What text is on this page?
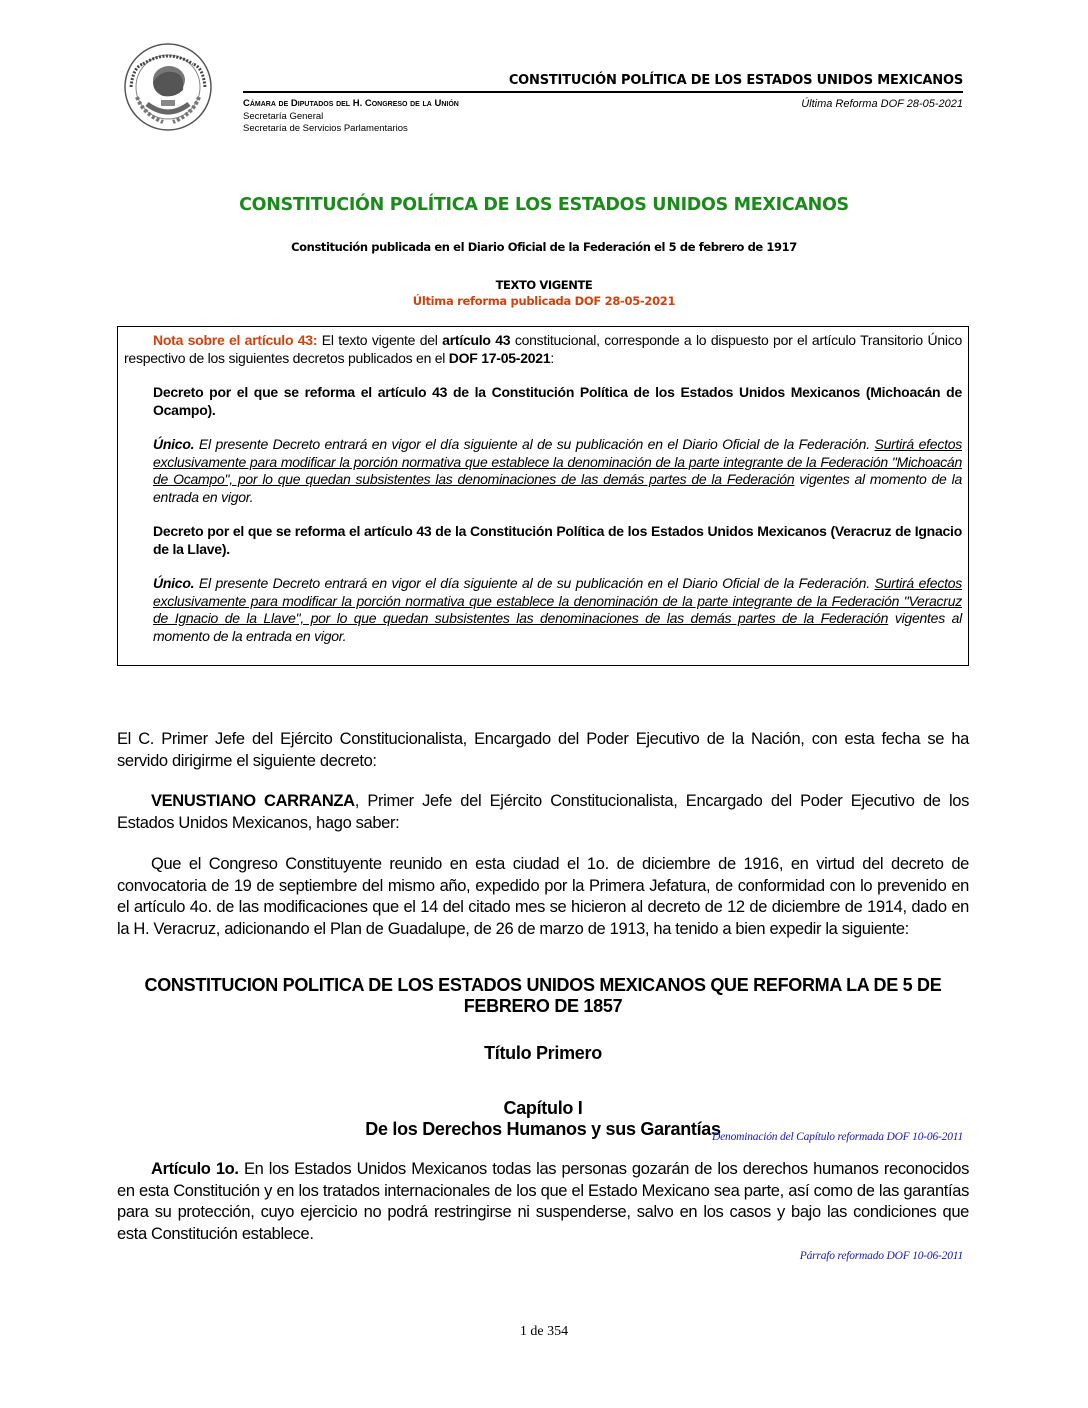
CONSTITUCIÓN POLÍTICA DE LOS ESTADOS UNIDOS MEXICANOS
Cámara de Diputados del H. Congreso de la Unión
Secretaría General
Secretaría de Servicios Parlamentarios
Última Reforma DOF 28-05-2021
CONSTITUCIÓN POLÍTICA DE LOS ESTADOS UNIDOS MEXICANOS
Constitución publicada en el Diario Oficial de la Federación el 5 de febrero de 1917
TEXTO VIGENTE
Última reforma publicada DOF 28-05-2021

Nota sobre el artículo 43: El texto vigente del artículo 43 constitucional, corresponde a lo dispuesto por el artículo Transitorio Único respectivo de los siguientes decretos publicados en el DOF 17-05-2021:

Decreto por el que se reforma el artículo 43 de la Constitución Política de los Estados Unidos Mexicanos (Michoacán de Ocampo).

Único. El presente Decreto entrará en vigor el día siguiente al de su publicación en el Diario Oficial de la Federación. Surtirá efectos exclusivamente para modificar la porción normativa que establece la denominación de la parte integrante de la Federación "Michoacán de Ocampo", por lo que quedan subsistentes las denominaciones de las demás partes de la Federación vigentes al momento de la entrada en vigor.

Decreto por el que se reforma el artículo 43 de la Constitución Política de los Estados Unidos Mexicanos (Veracruz de Ignacio de la Llave).

Único. El presente Decreto entrará en vigor el día siguiente al de su publicación en el Diario Oficial de la Federación. Surtirá efectos exclusivamente para modificar la porción normativa que establece la denominación de la parte integrante de la Federación "Veracruz de Ignacio de la Llave", por lo que quedan subsistentes las denominaciones de las demás partes de la Federación vigentes al momento de la entrada en vigor.

El C. Primer Jefe del Ejército Constitucionalista, Encargado del Poder Ejecutivo de la Nación, con esta fecha se ha servido dirigirme el siguiente decreto:
VENUSTIANO CARRANZA, Primer Jefe del Ejército Constitucionalista, Encargado del Poder Ejecutivo de los Estados Unidos Mexicanos, hago saber:
Que el Congreso Constituyente reunido en esta ciudad el 1o. de diciembre de 1916, en virtud del decreto de convocatoria de 19 de septiembre del mismo año, expedido por la Primera Jefatura, de conformidad con lo prevenido en el artículo 4o. de las modificaciones que el 14 del citado mes se hicieron al decreto de 12 de diciembre de 1914, dado en la H. Veracruz, adicionando el Plan de Guadalupe, de 26 de marzo de 1913, ha tenido a bien expedir la siguiente:
CONSTITUCION POLITICA DE LOS ESTADOS UNIDOS MEXICANOS QUE REFORMA LA DE 5 DE FEBRERO DE 1857
Título Primero
Capítulo I
De los Derechos Humanos y sus Garantías
Denominación del Capítulo reformada DOF 10-06-2011
Artículo 1o. En los Estados Unidos Mexicanos todas las personas gozarán de los derechos humanos reconocidos en esta Constitución y en los tratados internacionales de los que el Estado Mexicano sea parte, así como de las garantías para su protección, cuyo ejercicio no podrá restringirse ni suspenderse, salvo en los casos y bajo las condiciones que esta Constitución establece.
Párrafo reformado DOF 10-06-2011
1 de 354
